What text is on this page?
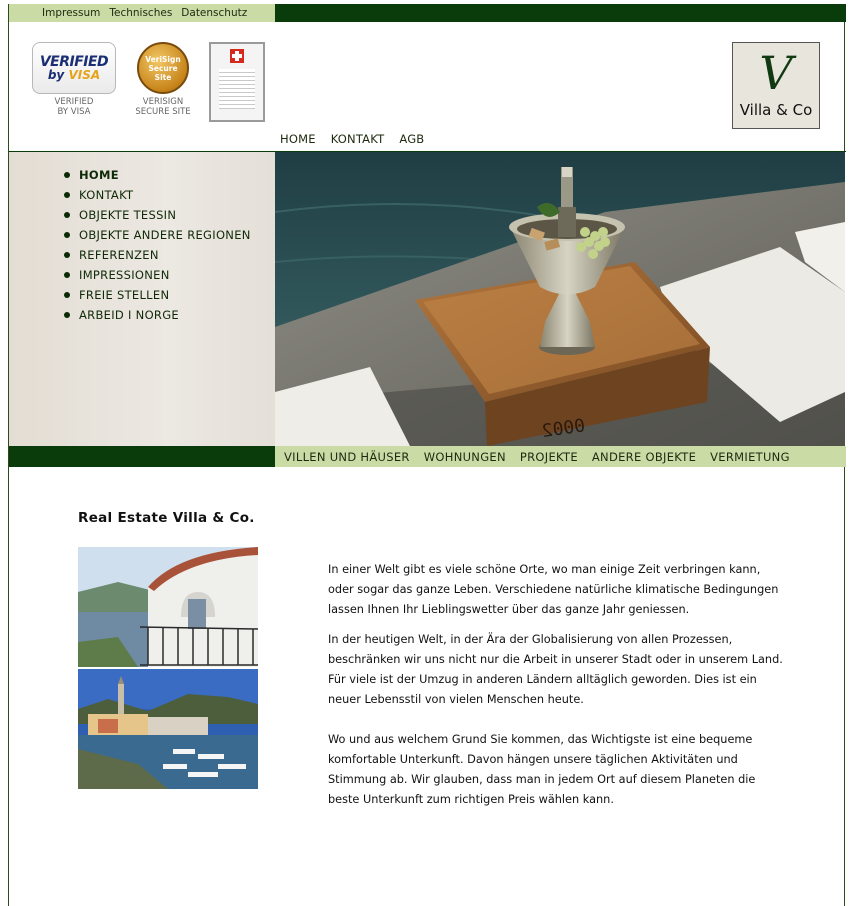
Impressum Technisches Datenschutz
VERIFIED
by VISA
VERIFIED
BY VISA
VeriSign
Secure
Site
VERISIGN
SECURE SITE
V
Villa & Co
HOME KONTAKT AGB
HOME
KONTAKT
OBJEKTE TESSIN
OBJEKTE ANDERE REGIONEN
REFERENZEN
IMPRESSIONEN
FREIE STELLEN
ARBEID I NORGE
0002
VILLEN UND HÄUSER WOHNUNGEN PROJEKTE ANDERE OBJEKTE VERMIETUNG
Real Estate Villa & Co.

In einer Welt gibt es viele schöne Orte, wo man einige Zeit verbringen kann, oder sogar das ganze Leben. Verschiedene natürliche klimatische Bedingungen lassen Ihnen Ihr Lieblingswetter über das ganze Jahr geniessen.

In der heutigen Welt, in der Ära der Globalisierung von allen Prozessen, beschränken wir uns nicht nur die Arbeit in unserer Stadt oder in unserem Land. Für viele ist der Umzug in anderen Ländern alltäglich geworden. Dies ist ein neuer Lebensstil von vielen Menschen heute.

Wo und aus welchem Grund Sie kommen, das Wichtigste ist eine bequeme komfortable Unterkunft. Davon hängen unsere täglichen Aktivitäten und Stimmung ab. Wir glauben, dass man in jedem Ort auf diesem Planeten die beste Unterkunft zum richtigen Preis wählen kann.
